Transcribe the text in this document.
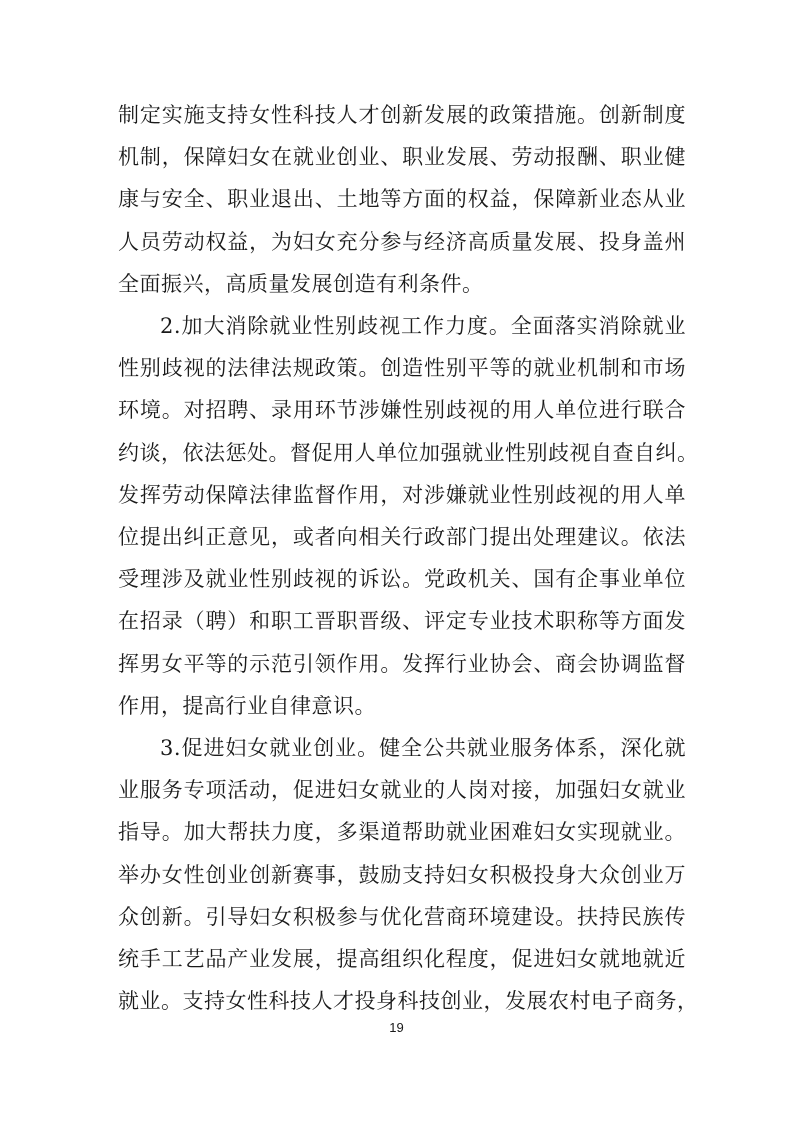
制定实施支持女性科技人才创新发展的政策措施。创新制度
机制，保障妇女在就业创业、职业发展、劳动报酬、职业健
康与安全、职业退出、土地等方面的权益，保障新业态从业
人员劳动权益，为妇女充分参与经济高质量发展、投身盖州
全面振兴，高质量发展创造有利条件。
2.加大消除就业性别歧视工作力度。全面落实消除就业
性别歧视的法律法规政策。创造性别平等的就业机制和市场
环境。对招聘、录用环节涉嫌性别歧视的用人单位进行联合
约谈，依法惩处。督促用人单位加强就业性别歧视自查自纠。
发挥劳动保障法律监督作用，对涉嫌就业性别歧视的用人单
位提出纠正意见，或者向相关行政部门提出处理建议。依法
受理涉及就业性别歧视的诉讼。党政机关、国有企事业单位
在招录（聘）和职工晋职晋级、评定专业技术职称等方面发
挥男女平等的示范引领作用。发挥行业协会、商会协调监督
作用，提高行业自律意识。
3.促进妇女就业创业。健全公共就业服务体系，深化就
业服务专项活动，促进妇女就业的人岗对接，加强妇女就业
指导。加大帮扶力度，多渠道帮助就业困难妇女实现就业。
举办女性创业创新赛事，鼓励支持妇女积极投身大众创业万
众创新。引导妇女积极参与优化营商环境建设。扶持民族传
统手工艺品产业发展，提高组织化程度，促进妇女就地就近
19
就业。支持女性科技人才投身科技创业，发展农村电子商务，
